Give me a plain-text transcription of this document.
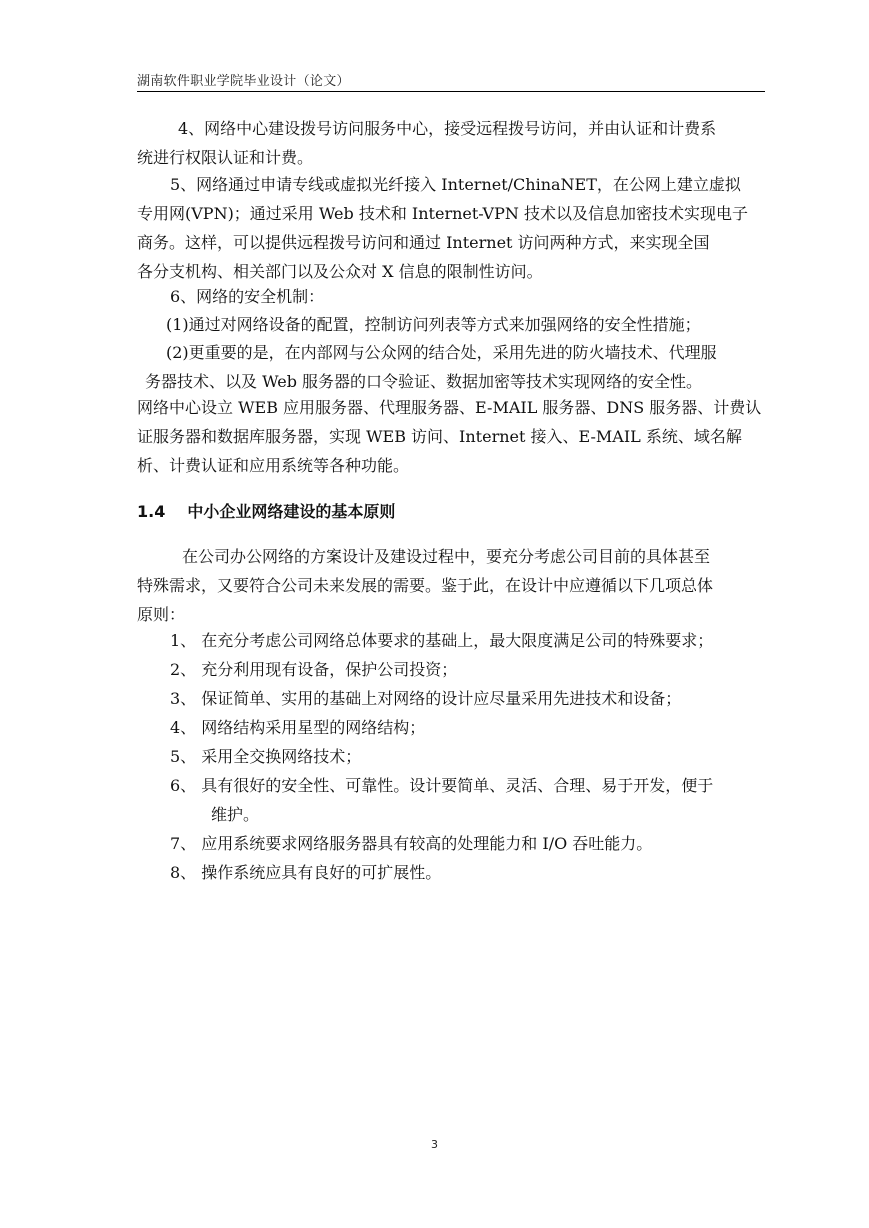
湖南软件职业学院毕业设计（论文）
4、网络中心建设拨号访问服务中心，接受远程拨号访问，并由认证和计费系
统进行权限认证和计费。
5、网络通过申请专线或虚拟光纤接入 Internet/ChinaNET，在公网上建立虚拟
专用网(VPN)；通过采用 Web 技术和 Internet-VPN 技术以及信息加密技术实现电子
商务。这样，可以提供远程拨号访问和通过 Internet 访问两种方式，来实现全国
各分支机构、相关部门以及公众对 X 信息的限制性访问。
6、网络的安全机制：
(1)通过对网络设备的配置，控制访问列表等方式来加强网络的安全性措施；
(2)更重要的是，在内部网与公众网的结合处，采用先进的防火墙技术、代理服
务器技术、以及 Web 服务器的口令验证、数据加密等技术实现网络的安全性。
网络中心设立 WEB 应用服务器、代理服务器、E-MAIL 服务器、DNS 服务器、计费认
证服务器和数据库服务器，实现 WEB 访问、Internet 接入、E-MAIL 系统、域名解
析、计费认证和应用系统等各种功能。
1.4 中小企业网络建设的基本原则
在公司办公网络的方案设计及建设过程中，要充分考虑公司目前的具体甚至
特殊需求，又要符合公司未来发展的需要。鉴于此，在设计中应遵循以下几项总体
原则：
1、 在充分考虑公司网络总体要求的基础上，最大限度满足公司的特殊要求；
2、 充分利用现有设备，保护公司投资；
3、 保证简单、实用的基础上对网络的设计应尽量采用先进技术和设备；
4、 网络结构采用星型的网络结构；
5、 采用全交换网络技术；
6、 具有很好的安全性、可靠性。设计要简单、灵活、合理、易于开发，便于
维护。
7、 应用系统要求网络服务器具有较高的处理能力和 I/O 吞吐能力。
8、 操作系统应具有良好的可扩展性。
3
